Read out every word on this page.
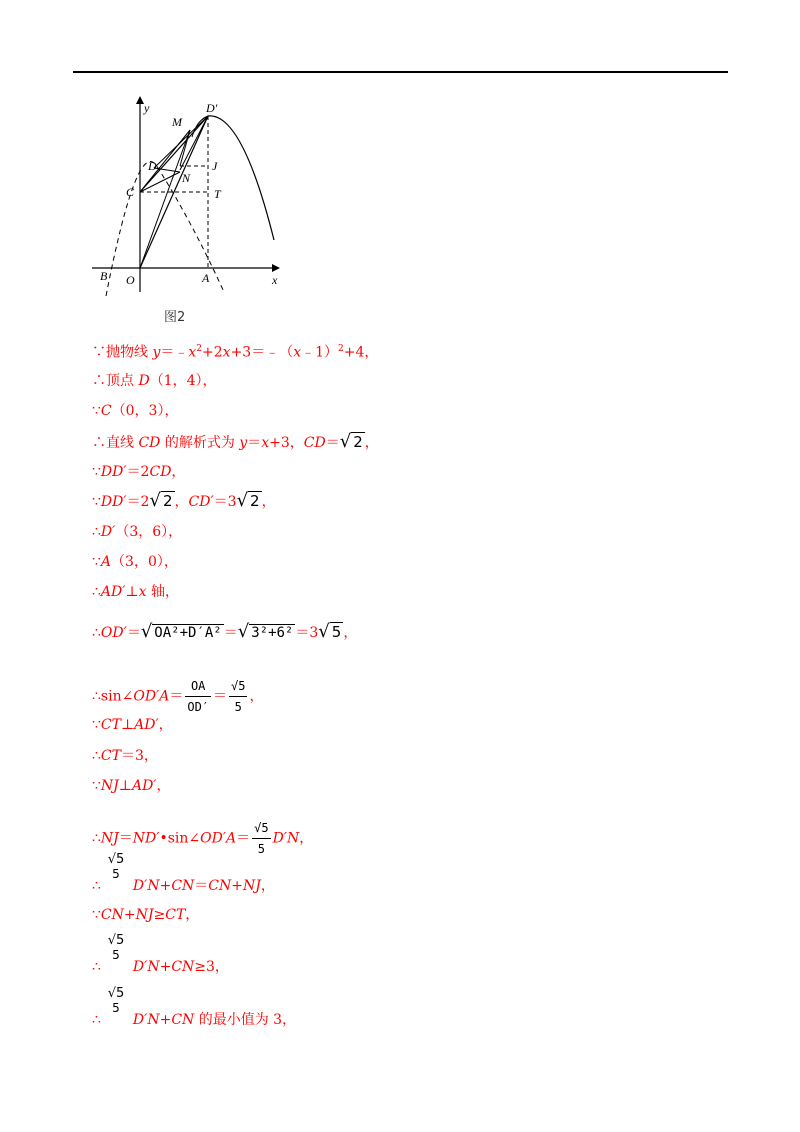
y
x
O
B	A
C
D
M
N
J
T
D′
图2
∵抛物线 $y=﹣x^2+2x+3=﹣(x﹣1)^2+4$，
∴顶点 D（1，4），
∵C（0，3），
∴直线 CD 的解析式为 y＝x+3，CD＝√ 2 ，
∵DD′＝2CD，
∵DD′＝2√ 2 ，CD′＝3√ 2 ，
∴D′（3，6），
∵A（3，0），
∴AD′⊥x 轴，
∴OD′＝√ OA²+D′A² ＝√ 3²+6² ＝3√ 5 ，
∴sin∠OD′A＝ $\frac{OA}{OD'} = \frac{√5}{5}$ ，
∵CT⊥AD′，
∴CT＝3，
∵NJ⊥AD′，
∴NJ＝ND′•sin∠OD′A＝ $\frac{√5}{5} D'N$，
√5
5
∴ D′N+CN＝CN+NJ，
∵CN+NJ≥CT，
√5
5
∴ D′N+CN≥3，
√5
5
∴ D′N+CN 的最小值为 3，
